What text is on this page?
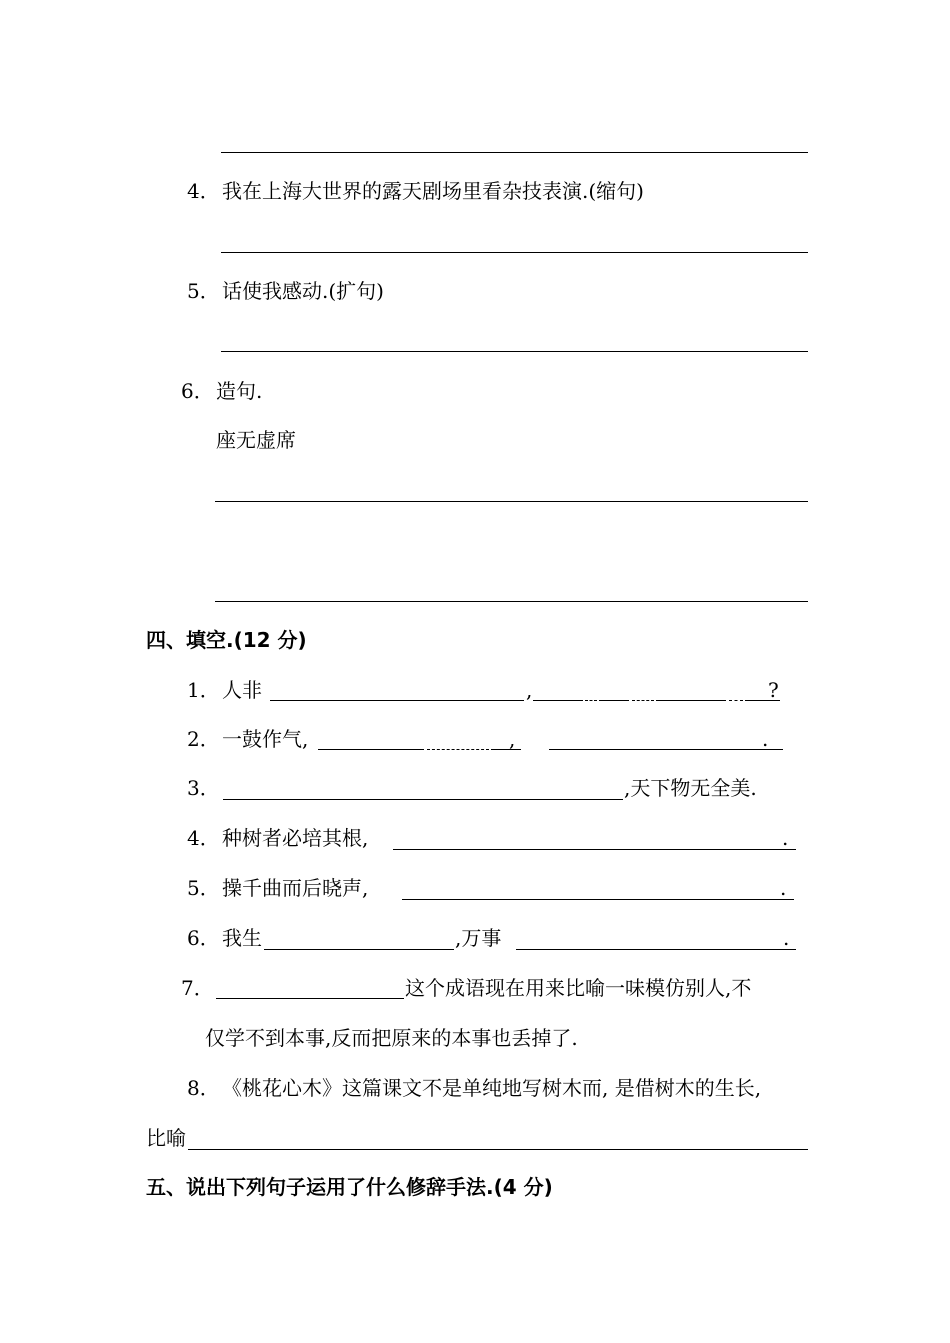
4． 我在上海大世界的露天剧场里看杂技表演.(缩句)
5． 话使我感动.(扩句)
6． 造句.
座无虚席
四、填空.(12 分)
1． 人非	,	?
2． 一鼓作气,	,	.
3．	,天下物无全美.
4． 种树者必培其根,	.
5． 操千曲而后晓声,	.
6． 我生	,万事	.
7．	这个成语现在用来比喻一味模仿别人,不
仅学不到本事,反而把原来的本事也丢掉了.
8． 《桃花心木》这篇课文不是单纯地写树木而, 是借树木的生长,
比喻
五、说出下列句子运用了什么修辞手法.(4 分)
